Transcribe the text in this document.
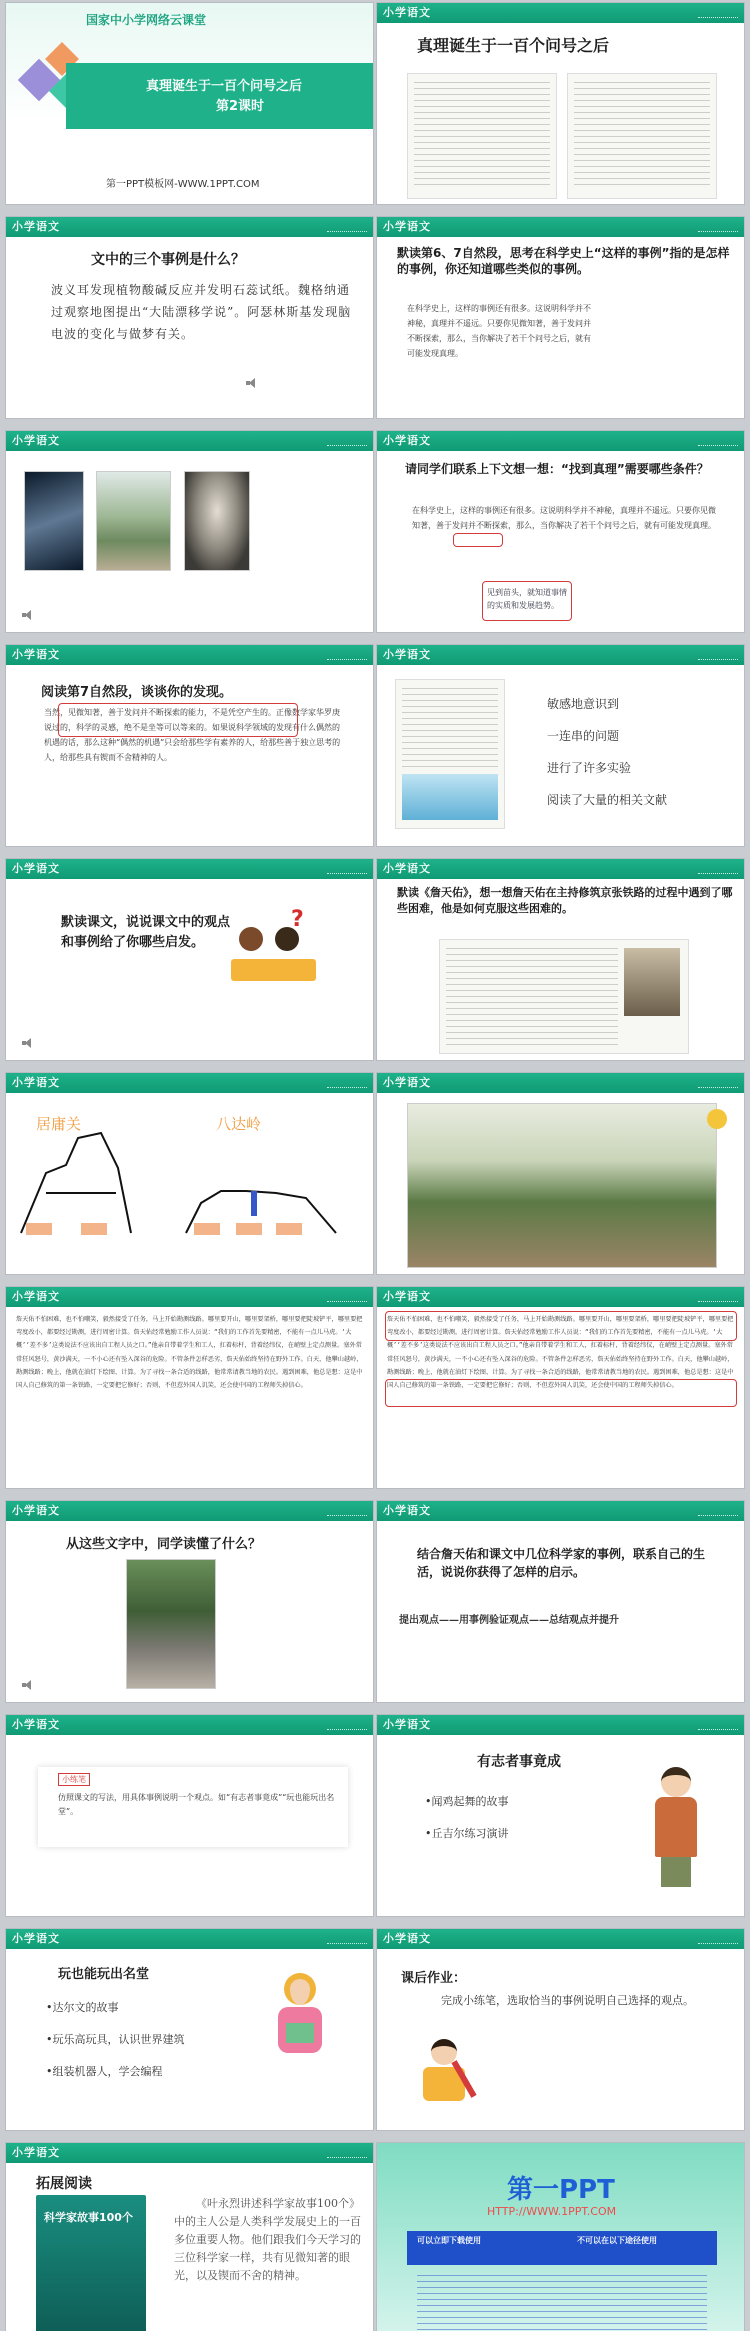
国家中小学网络云课堂
真理诞生于一百个问号之后
第2课时
第一PPT模板网-WWW.1PPT.COM
小学语文
真理诞生于一百个问号之后
小学语文
文中的三个事例是什么？
波义耳发现植物酸碱反应并发明石蕊试纸。魏格纳通过观察地图提出“大陆漂移学说”。阿瑟林斯基发现脑电波的变化与做梦有关。
小学语文
默读第6、7自然段，思考在科学史上“这样的事例”指的是怎样的事例，你还知道哪些类似的事例。
在科学史上，这样的事例还有很多。这说明科学并不神秘，真理并不遥远。只要你见微知著，善于发问并不断探索，那么，当你解决了若干个问号之后，就有可能发现真理。
小学语文	小学语文
请同学们联系上下文想一想：“找到真理”需要哪些条件？
在科学史上，这样的事例还有很多。这说明科学并不神秘，真理并不遥远。只要你见微知著，善于发问并不断探索，那么，当你解决了若干个问号之后，就有可能发现真理。
见到苗头，就知道事情的实质和发展趋势。
小学语文
阅读第7自然段，谈谈你的发现。
当然，见微知著，善于发问并不断探索的能力，不是凭空产生的。正像数学家华罗庚说过的，科学的灵感，绝不是坐等可以等来的。如果说科学领域的发现有什么偶然的机遇的话，那么这种“偶然的机遇”只会给那些学有素养的人，给那些善于独立思考的人，给那些具有锲而不舍精神的人。
小学语文
敏感地意识到
一连串的问题
进行了许多实验
阅读了大量的相关文献
小学语文
默读课文，说说课文中的观点和事例给了你哪些启发。
?
小学语文
默读《詹天佑》，想一想詹天佑在主持修筑京张铁路的过程中遇到了哪些困难，他是如何克服这些困难的。
小学语文
居庸关	八达岭
小学语文
小学语文
詹天佑不怕困难，也不怕嘲笑，毅然接受了任务，马上开始勘测线路。哪里要开山，哪里要架桥，哪里要把陡坡铲平，哪里要把弯度改小，都要经过勘测，进行周密计算。詹天佑经常勉励工作人员说：“我们的工作首先要精密，不能有一点儿马虎。‘大概’‘差不多’这类说法不应该出自工程人员之口。”他亲自带着学生和工人，扛着标杆，背着经纬仪，在峭壁上定点测量。塞外常常狂风怒号，黄沙满天，一不小心还有坠入深谷的危险。不管条件怎样恶劣，詹天佑始终坚持在野外工作。白天，他攀山越岭，勘测线路；晚上，他就在油灯下绘图、计算。为了寻找一条合适的线路，他常常请教当地的农民。遇到困难，他总是想：这是中国人自己修筑的第一条铁路，一定要把它修好；否则，不但惹外国人讥笑，还会使中国的工程师失掉信心。
小学语文
詹天佑不怕困难，也不怕嘲笑，毅然接受了任务，马上开始勘测线路。哪里要开山，哪里要架桥，哪里要把陡坡铲平，哪里要把弯度改小，都要经过勘测，进行周密计算。詹天佑经常勉励工作人员说：“我们的工作首先要精密，不能有一点儿马虎。‘大概’‘差不多’这类说法不应该出自工程人员之口。”他亲自带着学生和工人，扛着标杆，背着经纬仪，在峭壁上定点测量。塞外常常狂风怒号，黄沙满天，一不小心还有坠入深谷的危险。不管条件怎样恶劣，詹天佑始终坚持在野外工作。白天，他攀山越岭，勘测线路；晚上，他就在油灯下绘图、计算。为了寻找一条合适的线路，他常常请教当地的农民。遇到困难，他总是想：这是中国人自己修筑的第一条铁路，一定要把它修好；否则，不但惹外国人讥笑，还会使中国的工程师失掉信心。
小学语文
从这些文字中，同学读懂了什么？
小学语文
结合詹天佑和课文中几位科学家的事例，联系自己的生活，说说你获得了怎样的启示。
提出观点——用事例验证观点——总结观点并提升
小学语文
小练笔
仿照课文的写法，用具体事例说明一个观点。如“有志者事竟成”“玩也能玩出名堂”。
小学语文
有志者事竟成
•闻鸡起舞的故事
•丘吉尔练习演讲
小学语文
玩也能玩出名堂
•达尔文的故事
•玩乐高玩具，认识世界建筑
•组装机器人，学会编程
小学语文
课后作业：
完成小练笔，选取恰当的事例说明自己选择的观点。
小学语文
拓展阅读
科学家故事100个
《叶永烈讲述科学家故事100个》中的主人公是人类科学发展史上的一百多位重要人物。他们跟我们今天学习的三位科学家一样，共有见微知著的眼光，以及锲而不舍的精神。
第一PPT
HTTP://WWW.1PPT.COM
可以立即下载使用	不可以在以下途径使用
